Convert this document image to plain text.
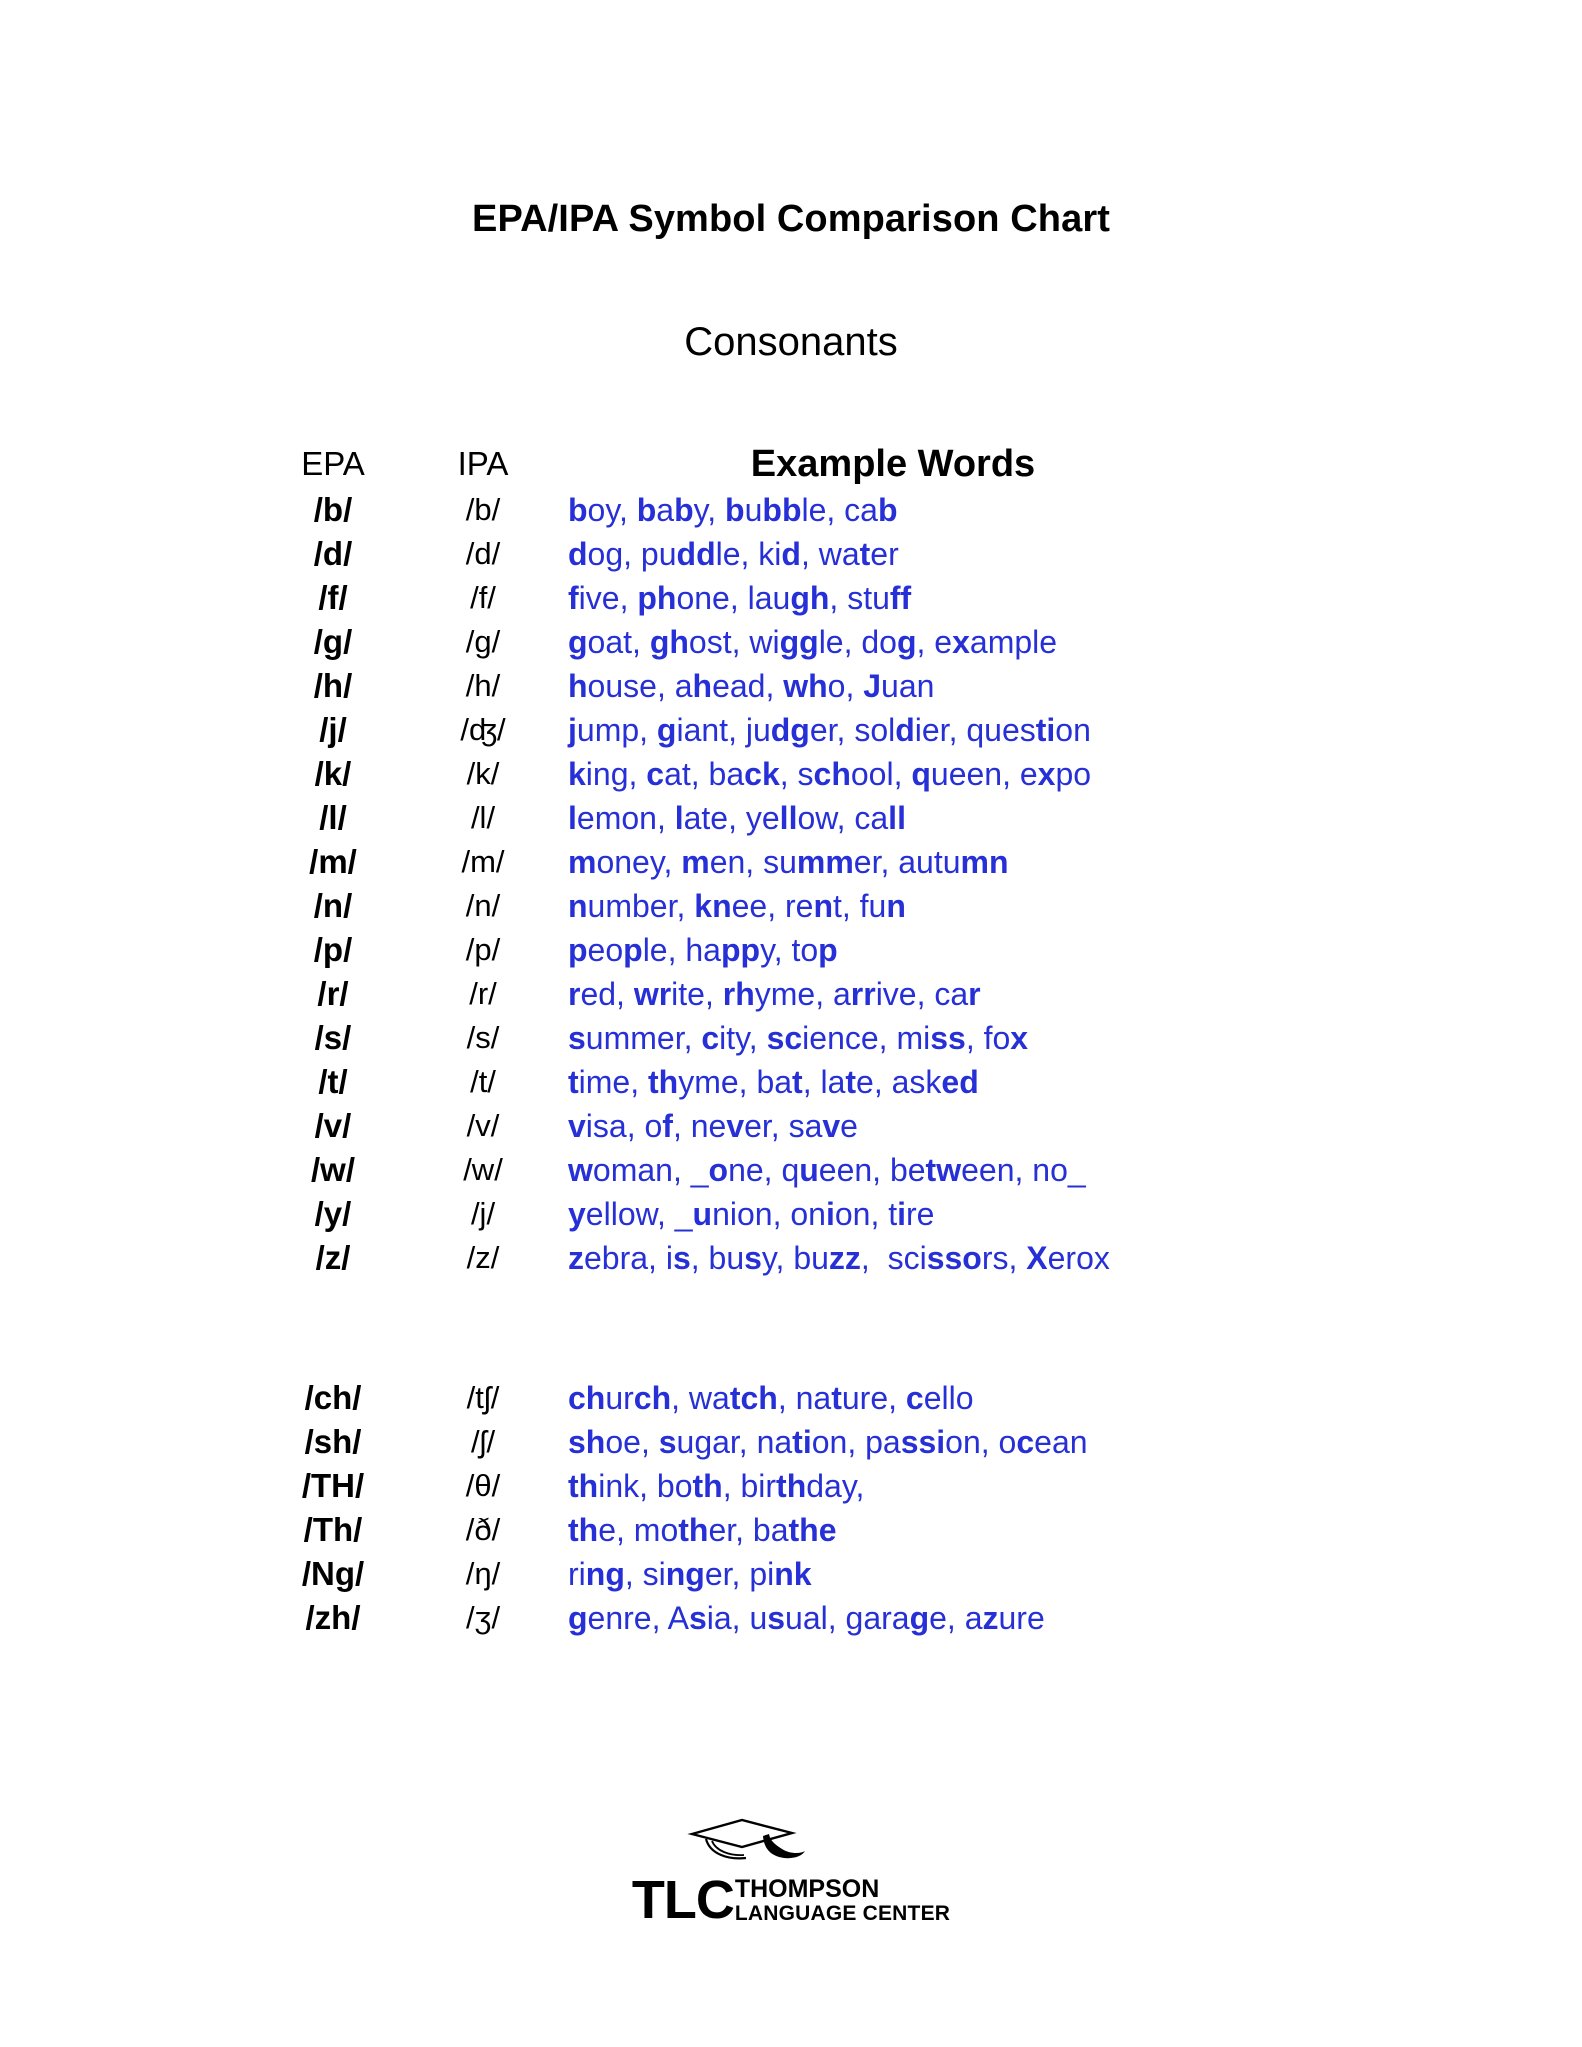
EPA/IPA Symbol Comparison Chart
Consonants
EPA	IPA	Example Words
/b/	/b/	boy, baby, bubble, cab
/d/	/d/	dog, puddle, kid, water
/f/	/f/	five, phone, laugh, stuff
/g/	/g/	goat, ghost, wiggle, dog, example
/h/	/h/	house, ahead, who, Juan
/j/	/ʤ/	jump, giant, judger, soldier, question
/k/	/k/	king, cat, back, school, queen, expo
/l/	/l/	lemon, late, yellow, call
/m/	/m/	money, men, summer, autumn
/n/	/n/	number, knee, rent, fun
/p/	/p/	people, happy, top
/r/	/r/	red, write, rhyme, arrive, car
/s/	/s/	summer, city, science, miss, fox
/t/	/t/	time, thyme, bat, late, asked
/v/	/v/	visa, of, never, save
/w/	/w/	woman, _one, queen, between, no_
/y/	/j/	yellow, _union, onion, tire
/z/	/z/	zebra, is, busy, buzz,  scissors, Xerox
/ch/	/tʃ/	church, watch, nature, cello
/sh/	/ʃ/	shoe, sugar, nation, passion, ocean
/TH/	/θ/	think, both, birthday,
/Th/	/ð/	the, mother, bathe
/Ng/	/ŋ/	ring, singer, pink
/zh/	/ʒ/	genre, Asia, usual, garage, azure
TLC THOMPSON
LANGUAGE CENTER
